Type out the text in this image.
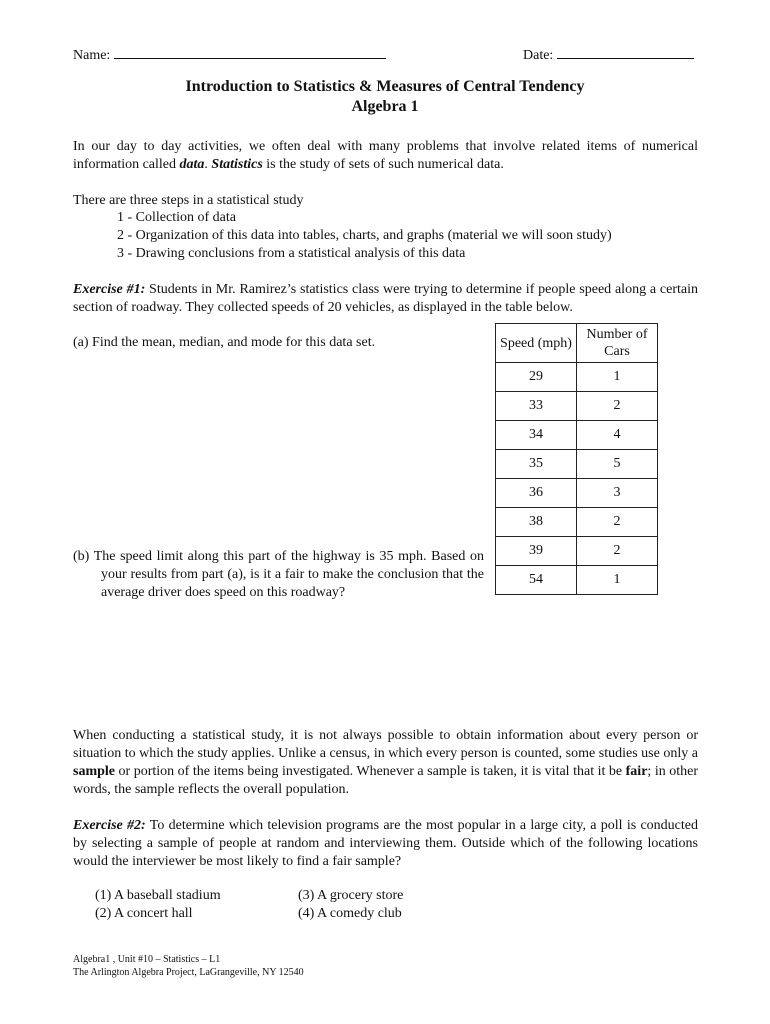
Name:	Date:
Introduction to Statistics & Measures of Central Tendency
Algebra 1

In our day to day activities, we often deal with many problems that involve related items of numerical information called data. Statistics is the study of sets of such numerical data.

There are three steps in a statistical study
1 - Collection of data
2 - Organization of this data into tables, charts, and graphs (material we will soon study)
3 - Drawing conclusions from a statistical analysis of this data

Exercise #1: Students in Mr. Ramirez’s statistics class were trying to determine if people speed along a certain section of roadway. They collected speeds of 20 vehicles, as displayed in the table below.

(a) Find the mean, median, and mode for this data set.	Speed (mph)	Number of Cars
29	1
33	2
34	4
35	5
36	3
38	2
39	2
54	1
(b) The speed limit along this part of the highway is 35 mph. Based on your results from part (a), is it a fair to make the conclusion that the average driver does speed on this roadway?

When conducting a statistical study, it is not always possible to obtain information about every person or situation to which the study applies. Unlike a census, in which every person is counted, some studies use only a sample or portion of the items being investigated. Whenever a sample is taken, it is vital that it be fair; in other words, the sample reflects the overall population.

Exercise #2: To determine which television programs are the most popular in a large city, a poll is conducted by selecting a sample of people at random and interviewing them. Outside which of the following locations would the interviewer be most likely to find a fair sample?

(1) A baseball stadium
(2) A concert hall
(3) A grocery store
(4) A comedy club
Algebra1 , Unit #10 – Statistics – L1
The Arlington Algebra Project, LaGrangeville, NY 12540
